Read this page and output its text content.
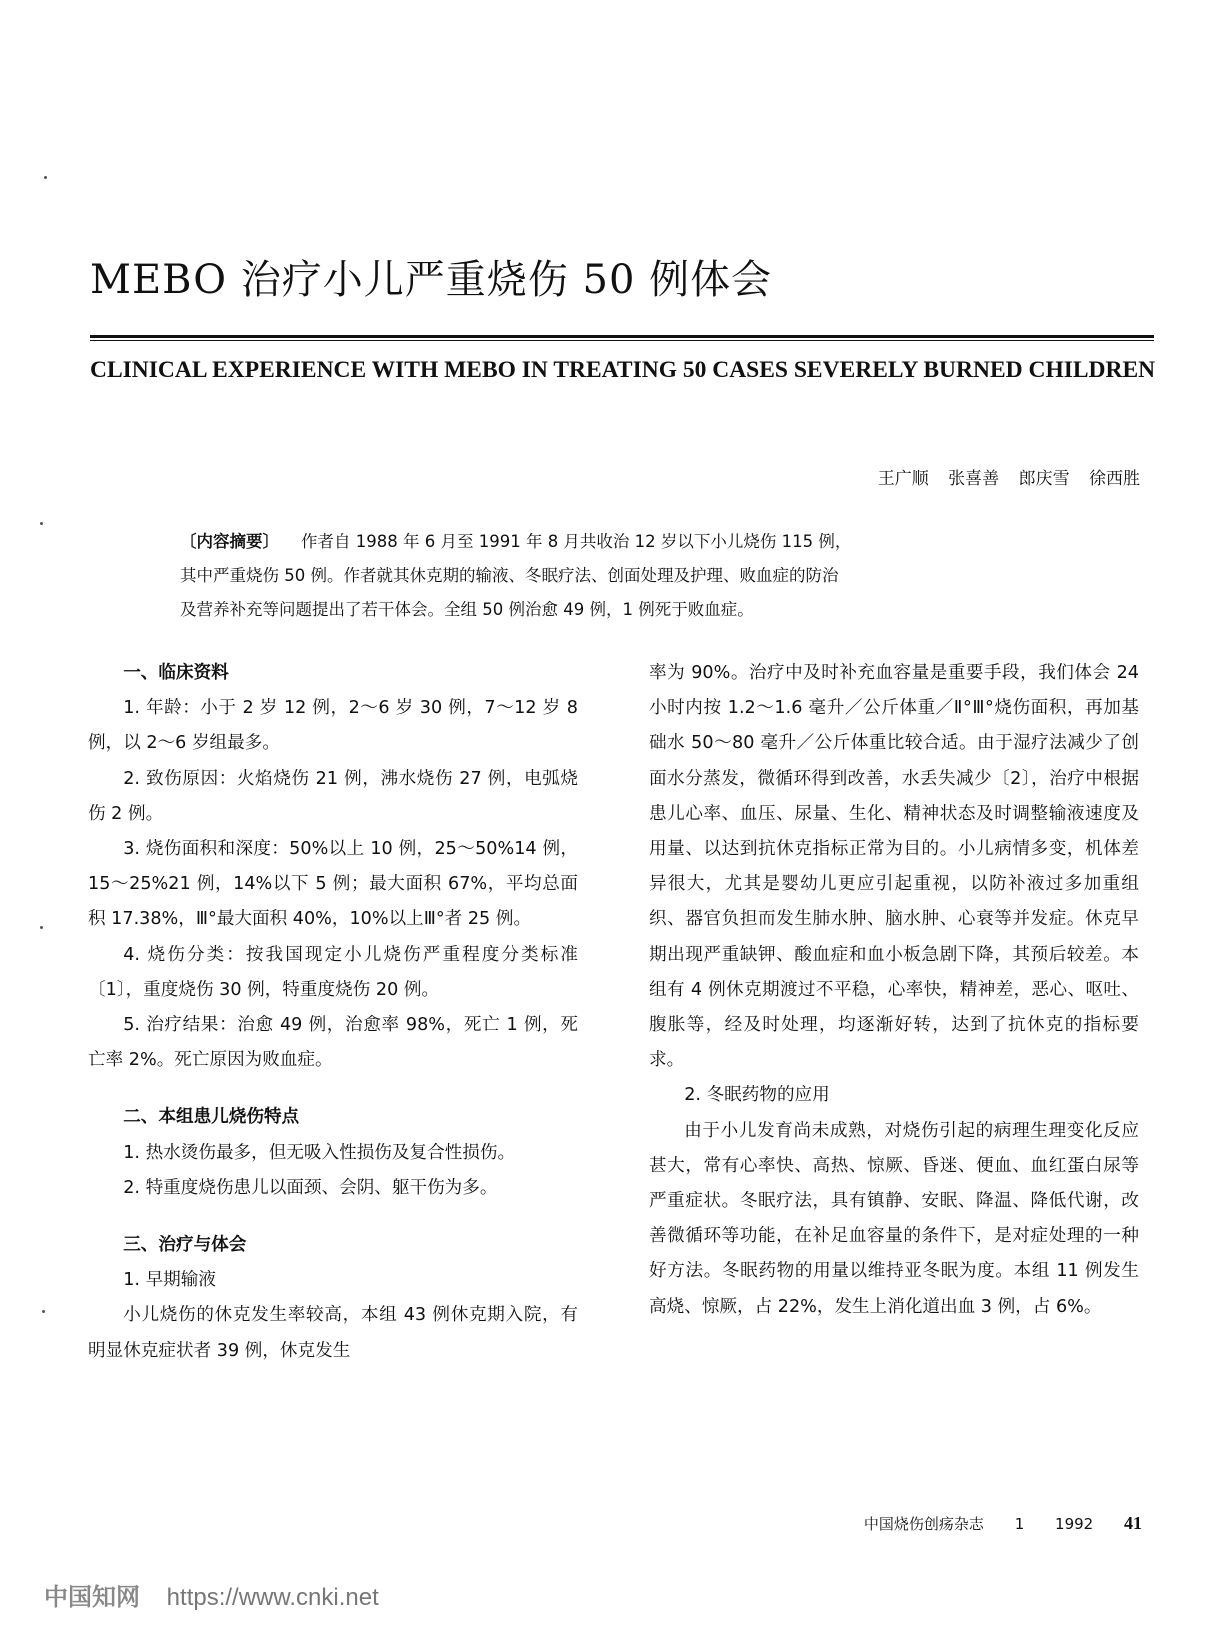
MEBO 治疗小儿严重烧伤 50 例体会
CLINICAL EXPERIENCE WITH MEBO IN TREATING 50 CASES SEVERELY BURNED CHILDREN
王广顺 张喜善 郎庆雪 徐西胜

〔内容摘要〕 作者自 1988 年 6 月至 1991 年 8 月共收治 12 岁以下小儿烧伤 115 例，

其中严重烧伤 50 例。作者就其休克期的输液、冬眠疗法、创面处理及护理、败血症的防治

及营养补充等问题提出了若干体会。全组 50 例治愈 49 例，1 例死于败血症。

一、临床资料

1. 年龄：小于 2 岁 12 例，2～6 岁 30 例，7～12 岁 8 例，以 2～6 岁组最多。

2. 致伤原因：火焰烧伤 21 例，沸水烧伤 27 例，电弧烧伤 2 例。

3. 烧伤面积和深度：50%以上 10 例，25～50%14 例，15～25%21 例，14%以下 5 例；最大面积 67%，平均总面积 17.38%，Ⅲ°最大面积 40%，10%以上Ⅲ°者 25 例。

4. 烧伤分类：按我国现定小儿烧伤严重程度分类标准〔1〕，重度烧伤 30 例，特重度烧伤 20 例。

5. 治疗结果：治愈 49 例，治愈率 98%，死亡 1 例，死亡率 2%。死亡原因为败血症。

二、本组患儿烧伤特点

1. 热水烫伤最多，但无吸入性损伤及复合性损伤。

2. 特重度烧伤患儿以面颈、会阴、躯干伤为多。

三、治疗与体会

1. 早期输液

小儿烧伤的休克发生率较高，本组 43 例休克期入院，有明显休克症状者 39 例，休克发生

率为 90%。治疗中及时补充血容量是重要手段，我们体会 24 小时内按 1.2～1.6 毫升／公斤体重／Ⅱ°Ⅲ°烧伤面积，再加基础水 50～80 毫升／公斤体重比较合适。由于湿疗法减少了创面水分蒸发，微循环得到改善，水丢失减少〔2〕，治疗中根据患儿心率、血压、尿量、生化、精神状态及时调整输液速度及用量、以达到抗休克指标正常为目的。小儿病情多变，机体差异很大，尤其是婴幼儿更应引起重视，以防补液过多加重组织、器官负担而发生肺水肿、脑水肿、心衰等并发症。休克早期出现严重缺钾、酸血症和血小板急剧下降，其预后较差。本组有 4 例休克期渡过不平稳，心率快，精神差，恶心、呕吐、腹胀等，经及时处理，均逐渐好转，达到了抗休克的指标要求。

2. 冬眠药物的应用

由于小儿发育尚未成熟，对烧伤引起的病理生理变化反应甚大，常有心率快、高热、惊厥、昏迷、便血、血红蛋白尿等严重症状。冬眠疗法，具有镇静、安眠、降温、降低代谢，改善微循环等功能，在补足血容量的条件下，是对症处理的一种好方法。冬眠药物的用量以维持亚冬眠为度。本组 11 例发生高烧、惊厥，占 22%，发生上消化道出血 3 例，占 6%。

中国烧伤创疡杂志 1 1992 41
中国知网 https://www.cnki.net
